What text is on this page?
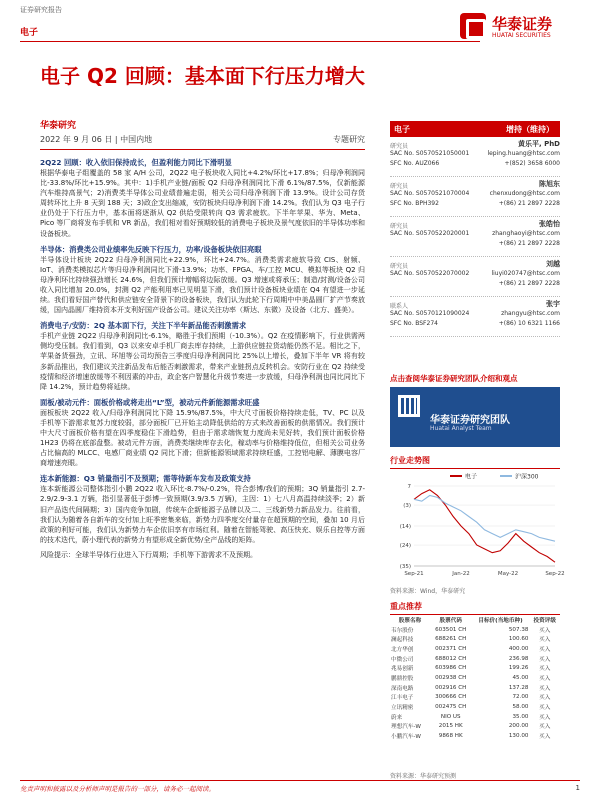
证券研究报告
电子	华泰证券
HUATAI SECURITIES
电子 Q2 回顾：基本面下行压力增大
华泰研究
2022 年 9 月 06 日 | 中国内地	专题研究
2Q22 回顾：收入依旧保持成长，但盈利能力同比下滑明显
根据华泰电子组覆盖的 58 家 A/H 公司，2Q22 电子板块收入同比+4.2%/环比+17.8%；归母净利润同比-33.8%/环比+15.9%。其中：1)手机产业链/面板 Q2 归母净利润同比下滑 6.1%/87.5%，仅新能源汽车维持高景气；2)消费类半导体公司业绩普遍走弱，相关公司归母净利润下滑 13.9%。设计公司存货周转环比上升 8 天到 188 天；3)政企支出缩减，安防板块归母净利润下滑 14.2%。我们认为 Q3 电子行业仍处于下行压力中，基本面将逐渐从 Q2 供给受限转向 Q3 需求疲软。下半年苹果、华为、Meta、Pico 等厂商将发布手机和 VR 新品，我们相对看好预期较低的消费电子板块及景气度依旧的半导体功率和设备板块。
半导体：消费类公司业绩率先反映下行压力，功率/设备板块依旧亮眼
半导体设计板块 2Q22 归母净利润同比+22.9%，环比+24.7%。消费类需求疲软导致 CIS、射频、IoT、消费类模拟芯片等归母净利润同比下滑-13.9%；功率、FPGA、车/工控 MCU、模拟等板块 Q2 归母净利环比持续强劲增长 24.6%，但我们预计增幅将边际放缓。Q3 增速或将承压；制造/封测/设备公司收入同比增加 20.0%，封测 Q2 产能利用率已见明显下滑，我们预计设备板块业绩在 Q4 有望进一步延续。我们看好国产替代和供应链安全背景下的设备板块，我们认为此轮下行周期中中美晶圆厂扩产节奏放缓，国内晶圆厂维持资本开支利好国产设备公司。建议关注功率（斯达、东微）及设备（北方、盛美）。
消费电子/安防：2Q 基本面下行，关注下半年新品能否刺激需求
手机产业链 2Q22 归母净利润同比-6.1%，略胜于我们预期（-10.3%）。Q2 在疫情影响下，行业供需两侧均受压制。我们看到，Q3 以来安卓手机厂商去库存持续，上游供应链拉货动能仍然不足。相比之下，苹果备货强劲，立讯、环旭等公司均预告三季度归母净利润同比 25%以上增长，叠加下半年 VR 将有较多新品推出，我们建议关注新品发布后能否刺激需求，带来产业链拐点反转机会。安防行业在 Q2 持续受疫情和经济增速放缓等不利因素的冲击，政企客户智慧化升级节奏进一步放缓，归母净利润也同比同比下降 14.2%，预计趋势将延续。
面板/被动元件：面板价格或将走出“L”型，被动元件新能源需求旺盛
面板板块 2Q22 收入/归母净利润同比下降 15.9%/87.5%，中大尺寸面板价格持续走低，TV、PC 以及手机等下游需求复苏力度较弱，部分面板厂已开始主动降低供给的方式来改善面板的供需情况。我们预计中大尺寸面板价格有望在四季度稳住下滑趋势，但由于需求端恢复力度尚未见好转，我们预计面板价格 1H23 仍将在底部盘整。被动元件方面，消费类继续库存去化，稼动率与价格维持低位，但相关公司业务占比偏高的 MLCC、电感厂商业绩 Q2 同比下滑；但新能源领域需求持续旺盛，工控铝电解、薄膜电容厂商增速亮眼。
连本新能源：Q3 销量指引不及预期；需等待新车发布及政策支持
连本新能源公司整体指引小鹏 2Q22 收入环比-8.7%/-0.2%，符合彭博/我们的预期；3Q 销量指引 2.7-2.9/2.9-3.1 万辆，指引显著低于彭博一致预期(3.9/3.5 万辆)，主因：1）七八月高温持续淡季；2）新旧产品迭代间隔期；3）国内竞争加剧，传统车企新能源子品牌以及二、三线新势力新品发力。往前看，我们认为随着各自新车的交付加上旺季密集来临，新势力四季度交付量存在超预期的空间，叠加 10 月后政策的利好可能，我们认为新势力车企依旧享有市场红利。随着在智能驾驶、高压快充、娱乐自控等方面的技术迭代，蔚小理代表的新势力有望形成全新优势/全产品线的矩阵。
风险提示：全球半导体行业进入下行周期；手机等下游需求不及预期。
电子	增持（维持）
研究员	黄乐平, PhD
SAC No. S0570521050001
SFC No. AUZ066
leping.huang@htsc.com
+(852) 3658 6000
研究员	陈旭东
SAC No. S0570521070004
SFC No. BPH392
chenxudong@htsc.com
+(86) 21 2897 2228
研究员	张皓怡
SAC No. S0570522020001	zhanghaoyi@htsc.com
+(86) 21 2897 2228
研究员	刘越
SAC No. S0570522070002	liuyi020747@htsc.com
+(86) 21 2897 2228
联系人	张宇
SAC No. S0570121090024
SFC No. BSF274
zhangyu@htsc.com
+(86) 10 6321 1166
点击查阅华泰证券研究团队介绍和观点
华泰证券研究团队
Huatai Analyst Team
行业走势图
电子	沪深300
(35)
(24)
(14)
(3)
7
Sep-21	Jan-22	May-22	Sep-22
资料来源：Wind，华泰研究
重点推荐
股票名称	股票代码	目标价(当地币种)	投资评级
韦尔股份	603501 CH	507.38	买入
澜起科技	688261 CH	100.60	买入
北方华创	002371 CH	400.00	买入
中微公司	688012 CH	236.98	买入
兆易创新	603986 CH	199.26	买入
鹏鼎控股	002938 CH	45.00	买入
深南电路	002916 CH	137.28	买入
江丰电子	300666 CH	72.00	买入
立讯精密	002475 CH	58.00	买入
蔚来	NIO US	35.00	买入
理想汽车-W	2015 HK	200.00	买入
小鹏汽车-W	9868 HK	130.00	买入
资料来源：华泰研究预测
免责声明和披露以及分析师声明是报告的一部分，请务必一起阅读。	1
